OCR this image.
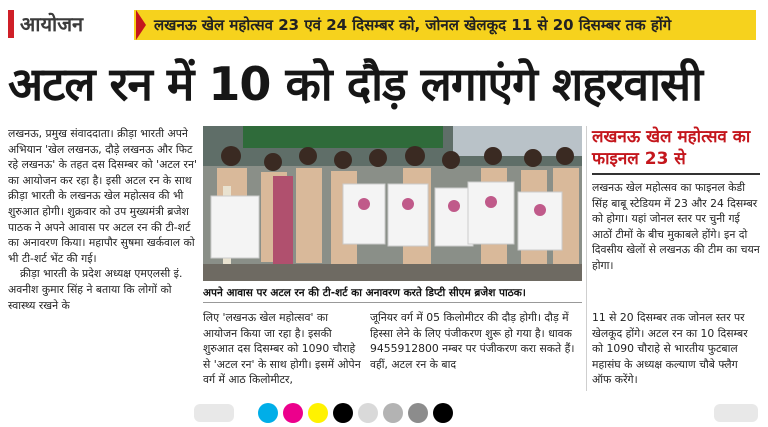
आयोजन	लखनऊ खेल महोत्सव 23 एवं 24 दिसम्बर को, जोनल खेलकूद 11 से 20 दिसम्बर तक होंगे
अटल रन में 10 को दौड़ लगाएंगे शहरवासी

लखनऊ, प्रमुख संवाददाता। क्रीड़ा भारती अपने अभियान 'खेल लखनऊ, दौड़े लखनऊ और फिट रहे लखनऊ' के तहत दस दिसम्बर को 'अटल रन' का आयोजन कर रहा है। इसी अटल रन के साथ क्रीड़ा भारती के लखनऊ खेल महोत्सव की भी शुरुआत होगी। शुक्रवार को उप मुख्यमंत्री ब्रजेश पाठक ने अपने आवास पर अटल रन की टी-शर्ट का अनावरण किया। महापौर सुषमा खर्कवाल को भी टी-शर्ट भेंट की गई।

क्रीड़ा भारती के प्रदेश अध्यक्ष एमएलसी इं. अवनीश कुमार सिंह ने बताया कि लोगों को स्वास्थ्य रखने के

अपने आवास पर अटल रन की टी-शर्ट का अनावरण करते डिप्टी सीएम ब्रजेश पाठक।
लखनऊ खेल महोत्सव का फाइनल 23 से
लखनऊ खेल महोत्सव का फाइनल केडी सिंह बाबू स्टेडियम में 23 और 24 दिसम्बर को होगा। यहां जोनल स्तर पर चुनी गई आठों टीमों के बीच मुकाबले होंगे। इन दो दिवसीय खेलों से लखनऊ की टीम का चयन होगा।
लिए 'लखनऊ खेल महोत्सव' का आयोजन किया जा रहा है। इसकी शुरुआत दस दिसम्बर को 1090 चौराहे से 'अटल रन' के साथ होगी। इसमें ओपेन वर्ग में आठ किलोमीटर,
जूनियर वर्ग में 05 किलोमीटर की दौड़ होगी। दौड़ में हिस्सा लेने के लिए पंजीकरण शुरू हो गया है। धावक 9455912800 नम्बर पर पंजीकरण करा सकते हैं। वहीं, अटल रन के बाद
11 से 20 दिसम्बर तक जोनल स्तर पर खेलकूद होंगे। अटल रन का 10 दिसम्बर को 1090 चौराहे से भारतीय फुटबाल महासंघ के अध्यक्ष कल्याण चौबे फ्लैग ऑफ करेंगे।
